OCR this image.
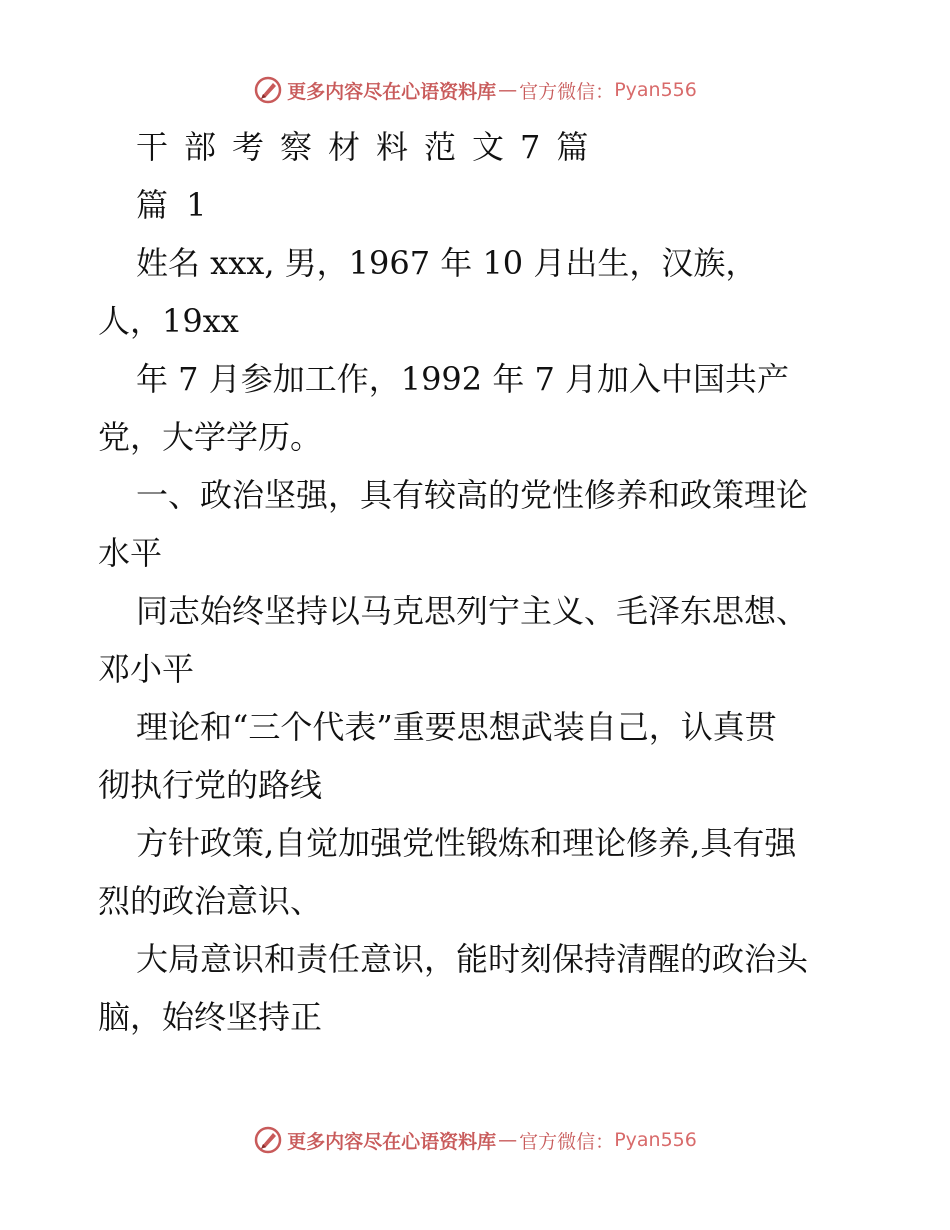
更多内容尽在心语资料库 — 官方微信： Pyan556
干部考察材料范文7篇
篇 1
姓名 xxx, 男，1967 年 10 月出生，汉族，
人，19xx
年 7 月参加工作，1992 年 7 月加入中国共产
党，大学学历。
一、政治坚强，具有较高的党性修养和政策理论
水平
同志始终坚持以马克思列宁主义、毛泽东思想、
邓小平
理论和“三个代表”重要思想武装自己，认真贯
彻执行党的路线
方针政策,自觉加强党性锻炼和理论修养,具有强
烈的政治意识、
大局意识和责任意识，能时刻保持清醒的政治头
脑，始终坚持正
更多内容尽在心语资料库 — 官方微信： Pyan556
